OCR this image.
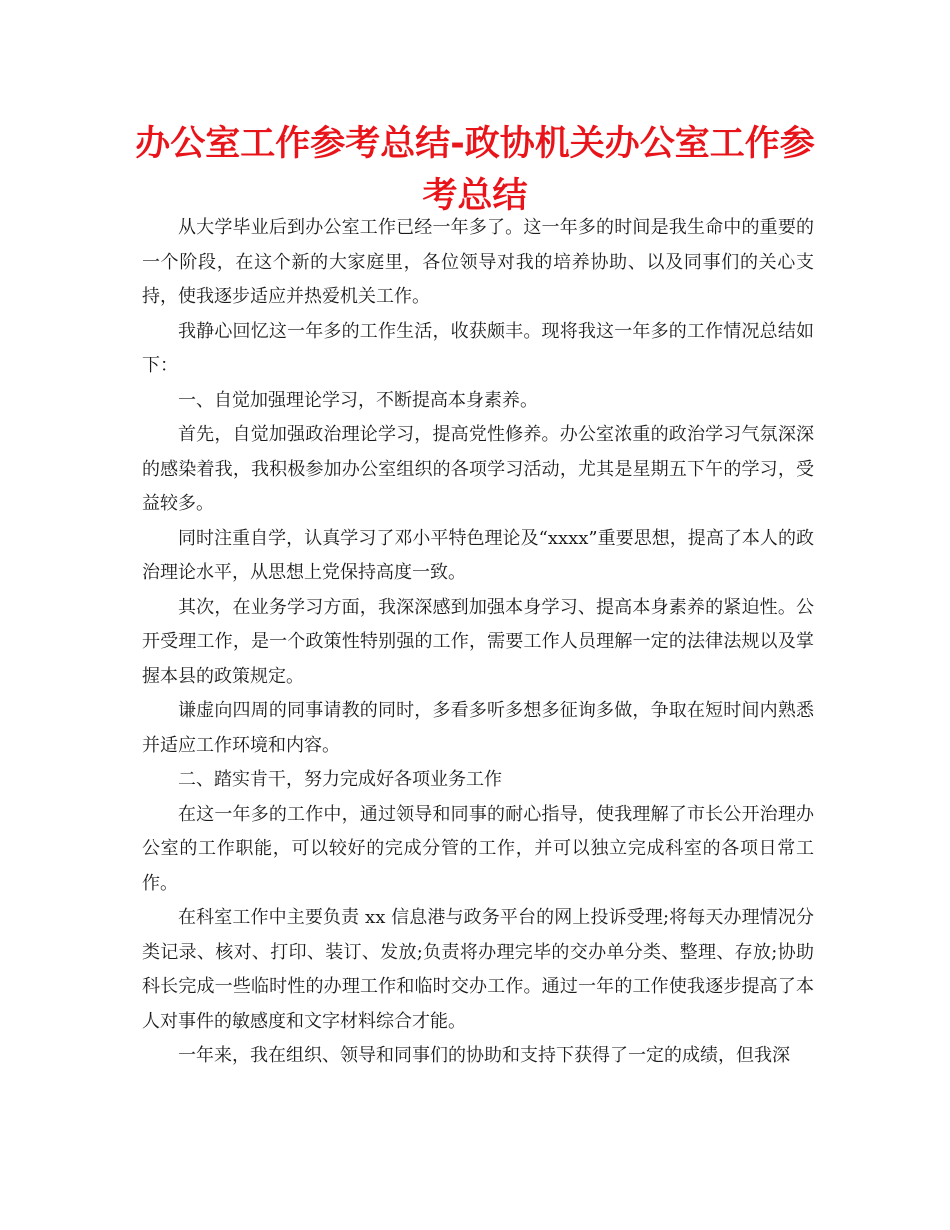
办公室工作参考总结-政协机关办公室工作参考总结

从大学毕业后到办公室工作已经一年多了。这一年多的时间是我生命中的重要的一个阶段，在这个新的大家庭里，各位领导对我的培养协助、以及同事们的关心支持，使我逐步适应并热爱机关工作。

我静心回忆这一年多的工作生活，收获颇丰。现将我这一年多的工作情况总结如下：

一、自觉加强理论学习，不断提高本身素养。

首先，自觉加强政治理论学习，提高党性修养。办公室浓重的政治学习气氛深深的感染着我，我积极参加办公室组织的各项学习活动，尤其是星期五下午的学习，受益较多。

同时注重自学，认真学习了邓小平特色理论及“xxxx”重要思想，提高了本人的政治理论水平，从思想上党保持高度一致。

其次，在业务学习方面，我深深感到加强本身学习、提高本身素养的紧迫性。公开受理工作，是一个政策性特别强的工作，需要工作人员理解一定的法律法规以及掌握本县的政策规定。

谦虚向四周的同事请教的同时，多看多听多想多征询多做，争取在短时间内熟悉并适应工作环境和内容。

二、踏实肯干，努力完成好各项业务工作

在这一年多的工作中，通过领导和同事的耐心指导，使我理解了市长公开治理办公室的工作职能，可以较好的完成分管的工作，并可以独立完成科室的各项日常工作。

在科室工作中主要负责 xx 信息港与政务平台的网上投诉受理;将每天办理情况分类记录、核对、打印、装订、发放;负责将办理完毕的交办单分类、整理、存放;协助科长完成一些临时性的办理工作和临时交办工作。通过一年的工作使我逐步提高了本人对事件的敏感度和文字材料综合才能。

一年来，我在组织、领导和同事们的协助和支持下获得了一定的成绩，但我深
